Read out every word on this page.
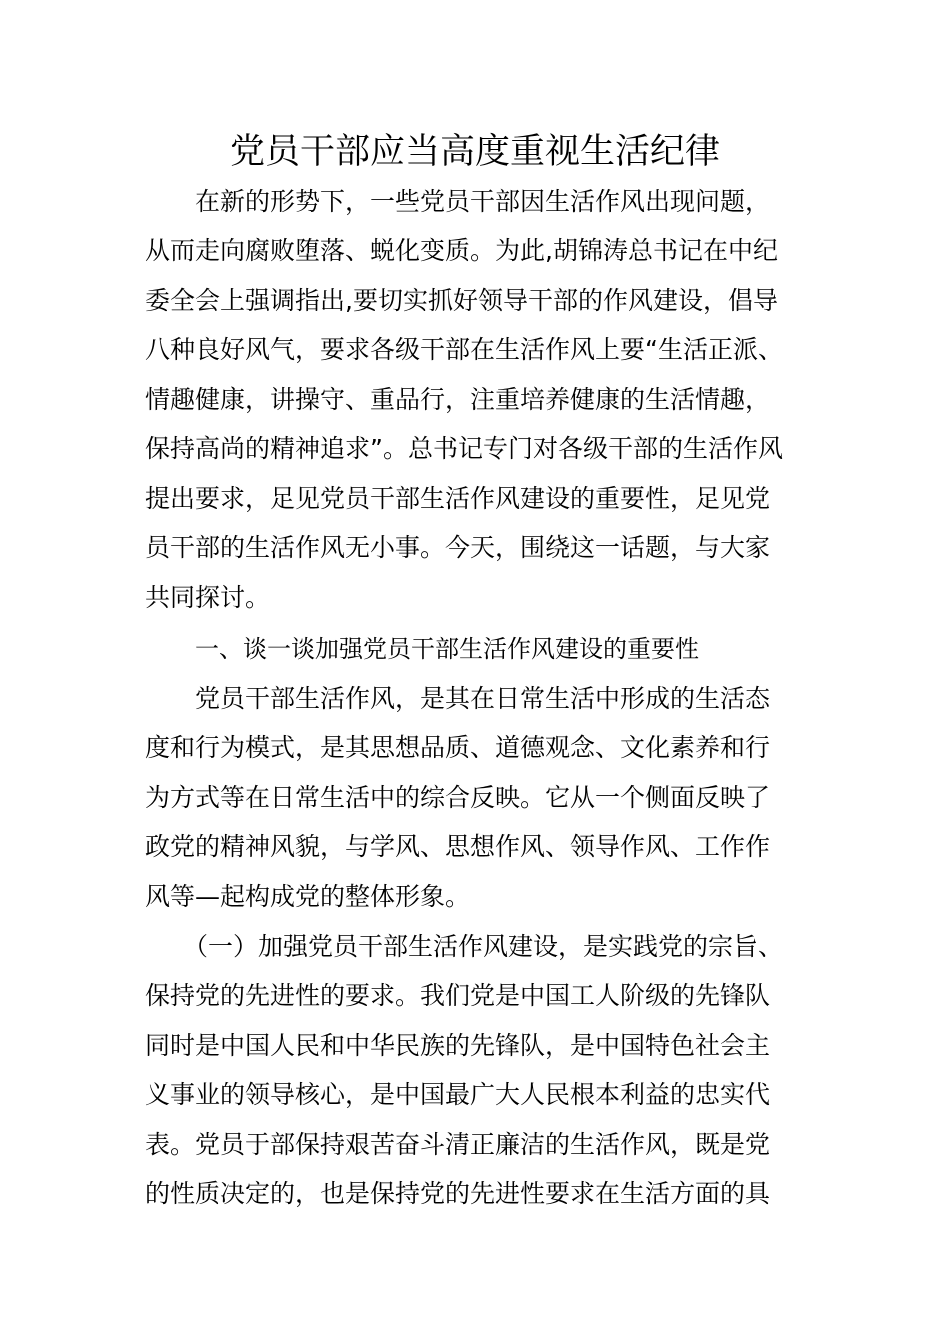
党员干部应当高度重视生活纪律
在新的形势下，一些党员干部因生活作风出现问题，
从而走向腐败堕落、蜕化变质。为此,胡锦涛总书记在中纪
委全会上强调指出,要切实抓好领导干部的作风建设，倡导
八种良好风气，要求各级干部在生活作风上要“生活正派、
情趣健康，讲操守、重品行，注重培养健康的生活情趣，
保持高尚的精神追求”。总书记专门对各级干部的生活作风
提出要求，足见党员干部生活作风建设的重要性，足见党
员干部的生活作风无小事。今天，围绕这一话题，与大家
共同探讨。
一、谈一谈加强党员干部生活作风建设的重要性
党员干部生活作风，是其在日常生活中形成的生活态
度和行为模式，是其思想品质、道德观念、文化素养和行
为方式等在日常生活中的综合反映。它从一个侧面反映了
政党的精神风貌，与学风、思想作风、领导作风、工作作
风等—起构成党的整体形象。
（一）加强党员干部生活作风建设，是实践党的宗旨、
保持党的先进性的要求。我们党是中国工人阶级的先锋队
同时是中国人民和中华民族的先锋队，是中国特色社会主
义事业的领导核心，是中国最广大人民根本利益的忠实代
表。党员于部保持艰苦奋斗清正廉洁的生活作风，既是党
的性质决定的，也是保持党的先进性要求在生活方面的具
